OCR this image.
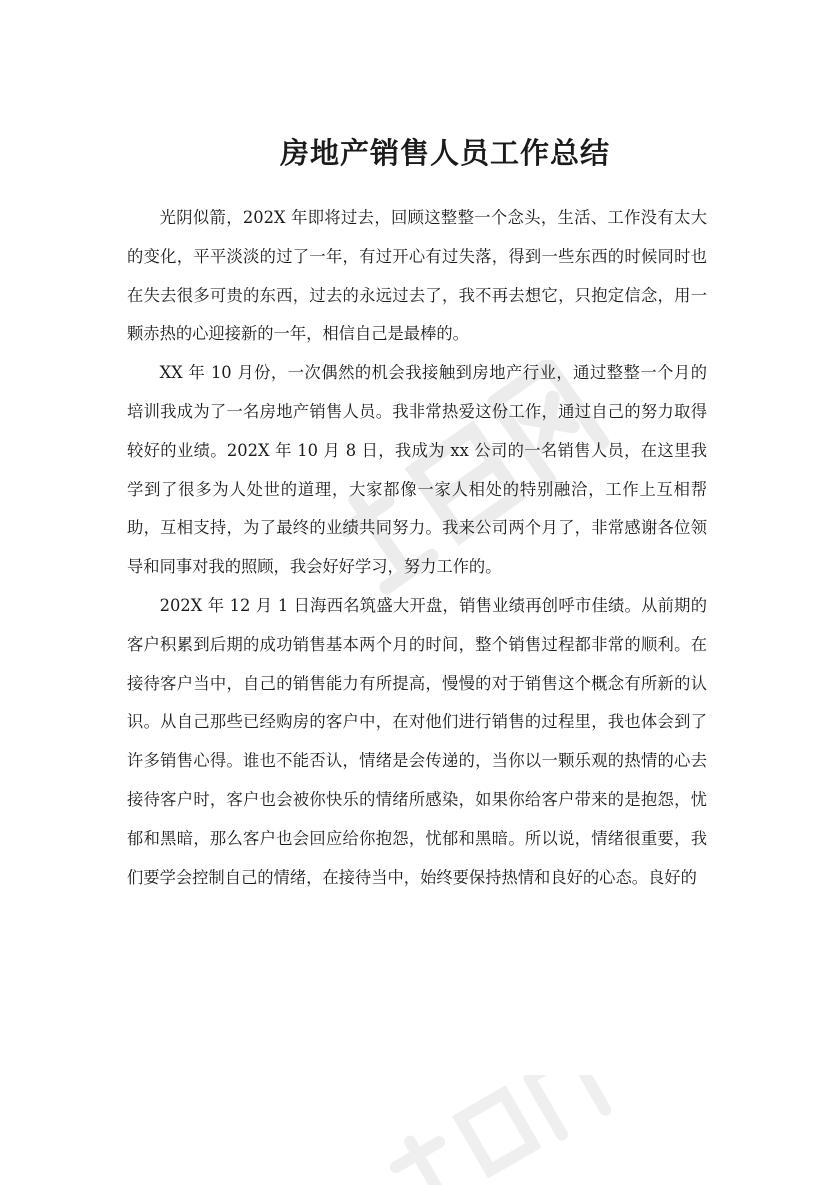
房地产销售人员工作总结

光阴似箭，202X 年即将过去，回顾这整整一个念头，生活、工作没有太大的变化，平平淡淡的过了一年，有过开心有过失落，得到一些东西的时候同时也在失去很多可贵的东西，过去的永远过去了，我不再去想它，只抱定信念，用一颗赤热的心迎接新的一年，相信自己是最棒的。

XX 年 10 月份，一次偶然的机会我接触到房地产行业，通过整整一个月的培训我成为了一名房地产销售人员。我非常热爱这份工作，通过自己的努力取得较好的业绩。202X 年 10 月 8 日，我成为 xx 公司的一名销售人员，在这里我学到了很多为人处世的道理，大家都像一家人相处的特别融洽，工作上互相帮助，互相支持，为了最终的业绩共同努力。我来公司两个月了，非常感谢各位领导和同事对我的照顾，我会好好学习，努力工作的。

202X 年 12 月 1 日海西名筑盛大开盘，销售业绩再创呼市佳绩。从前期的客户积累到后期的成功销售基本两个月的时间，整个销售过程都非常的顺利。在接待客户当中，自己的销售能力有所提高，慢慢的对于销售这个概念有所新的认识。从自己那些已经购房的客户中，在对他们进行销售的过程里，我也体会到了许多销售心得。谁也不能否认，情绪是会传递的，当你以一颗乐观的热情的心去接待客户时，客户也会被你快乐的情绪所感染，如果你给客户带来的是抱怨，忧郁和黑暗，那么客户也会回应给你抱怨，忧郁和黑暗。所以说，情绪很重要，我们要学会控制自己的情绪，在接待当中，始终要保持热情和良好的心态。良好的
